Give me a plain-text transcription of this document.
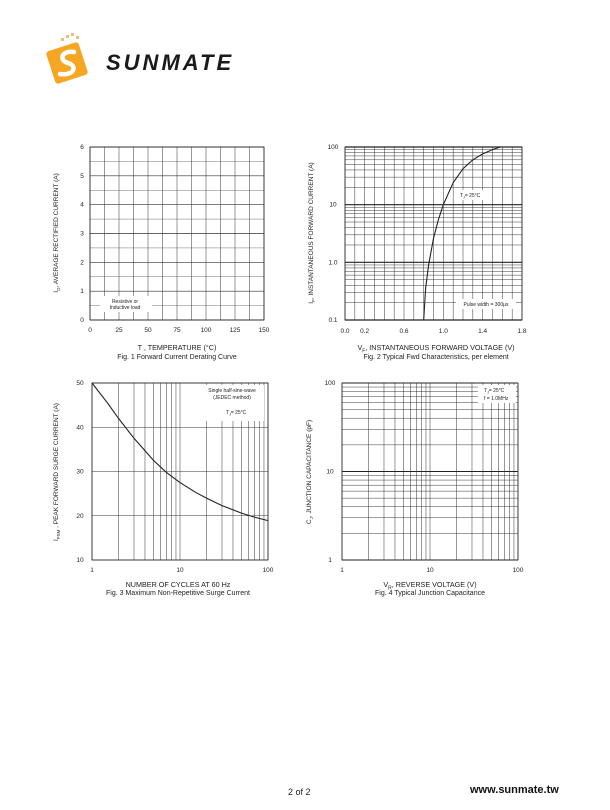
SUNMATE
0	25	50	75	100	125	150
0
1
2
3
4
5
6
Resistive or
Inductive load
$I_O$, AVERAGE RECTIFIED CURRENT (A)
T , TEMPERATURE (°C)
Fig. 1 Forward Current Derating Curve
0.0 0.2	0.6	1.0	1.4	1.8
0.1
1.0
10
100
$T_J= 25^\circ C$
Pulse width = 300μs
$I_F$, INSTANTANEOUS FORWARD CURRENT (A)
$V_F$, INSTANTANEOUS FORWARD VOLTAGE (V)
Fig. 2 Typical Fwd Characteristics, per element
1	10	100
10
20
30
40
50
Single half-sine-wave
(JEDEC method)
$T_J= 25^\circ C$
$I_{FSM}$ , PEAK FORWARD SURGE CURRENT (A)
NUMBER OF CYCLES AT 60 Hz
Fig. 3 Maximum Non-Repetitive Surge Current
1	10	100
1
10
100
$T_J= 25^\circ C$
f = 1.0MHz
$C_J$, JUNCTION CAPACITANCE (pF)
$V_R$, REVERSE VOLTAGE (V)
Fig. 4 Typical Junction Capacitance
2 of 2	www.sunmate.tw
